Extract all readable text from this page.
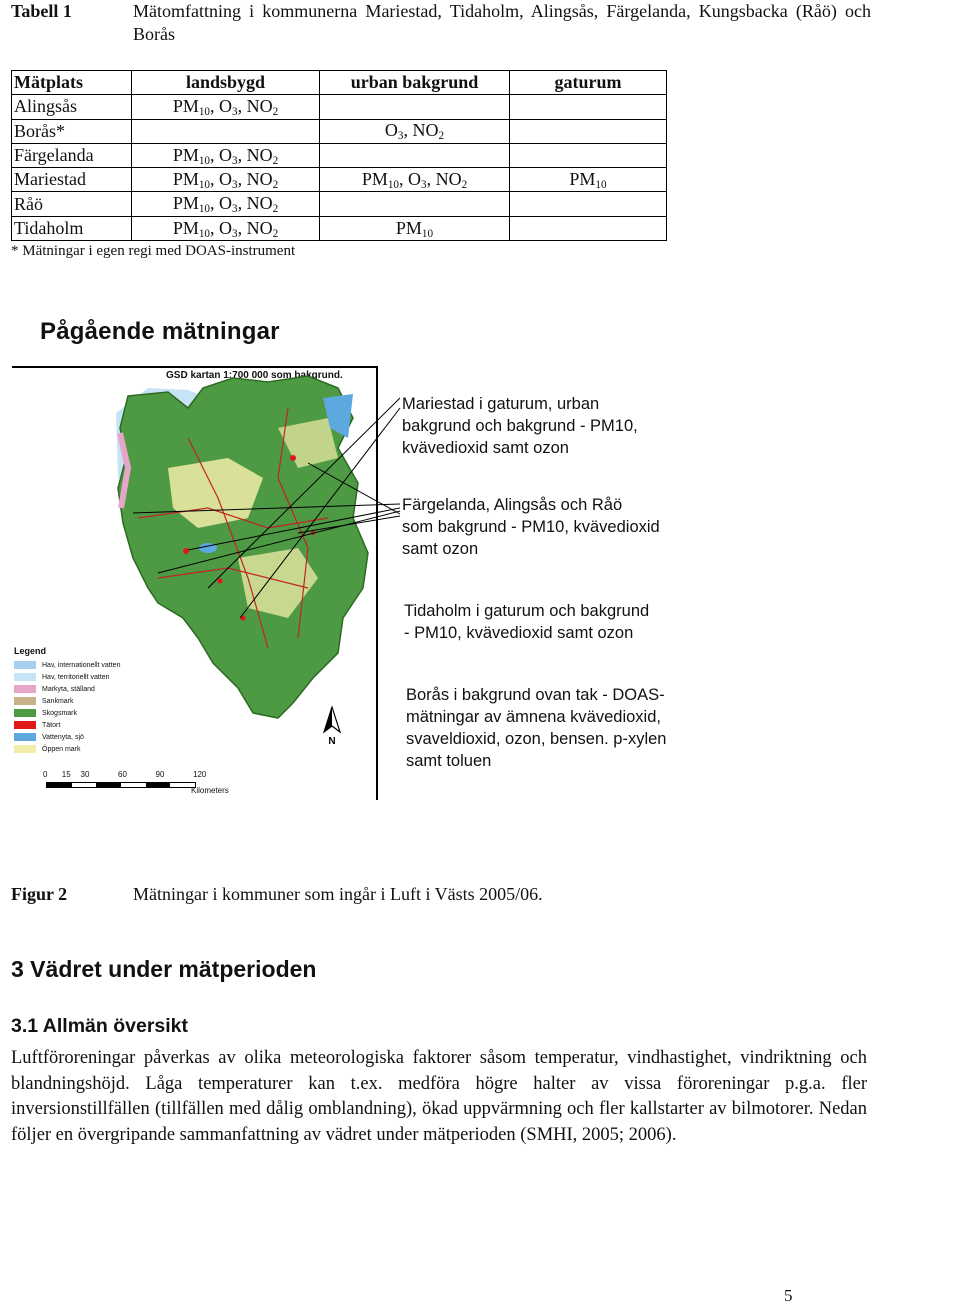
Tabell 1	Mätomfattning i kommunerna Mariestad, Tidaholm, Alingsås, Färgelanda, Kungsbacka (Råö) och Borås
Mätplats	landsbygd	urban bakgrund	gaturum
Alingsås	$PM_{10}$, $O_3$, $NO_2$		
Borås*		$O_3$, $NO_2$	
Färgelanda	$PM_{10}$, $O_3$, $NO_2$		
Mariestad	$PM_{10}$, $O_3$, $NO_2$	$PM_{10}$, $O_3$, $NO_2$	$PM_{10}$
Råö	$PM_{10}$, $O_3$, $NO_2$		
Tidaholm	$PM_{10}$, $O_3$, $NO_2$	$PM_{10}$	
* Mätningar i egen regi med DOAS-instrument
Pågående mätningar
GSD kartan 1:700 000 som bakgrund.
Legend
Hav, internationellt vatten
Hav, territoriellt vatten
Markyta, ställand
Sankmark
Skogsmark
Tätort
Vattenyta, sjö
Öppen mark
0 15 30	60	90	120
Kilometers
N
Mariestad i gaturum, urban
bakgrund och bakgrund - PM10,
kvävedioxid samt ozon
Färgelanda, Alingsås och Råö
som bakgrund - PM10, kvävedioxid
samt ozon
Tidaholm i gaturum och bakgrund
- PM10, kvävedioxid samt ozon
Borås i bakgrund ovan tak - DOAS-
mätningar av ämnena kvävedioxid,
svaveldioxid, ozon, bensen. p-xylen
samt toluen
Figur 2	Mätningar i kommuner som ingår i Luft i Västs 2005/06.
3 Vädret under mätperioden
3.1 Allmän översikt

Luftföroreningar påverkas av olika meteorologiska faktorer såsom temperatur, vindhastighet, vindriktning och blandningshöjd. Låga temperaturer kan t.ex. medföra högre halter av vissa föroreningar p.g.a. fler inversionstillfällen (tillfällen med dålig omblandning), ökad uppvärmning och fler kallstarter av bilmotorer. Nedan följer en övergripande sammanfattning av vädret under mätperioden (SMHI, 2005; 2006).

5
